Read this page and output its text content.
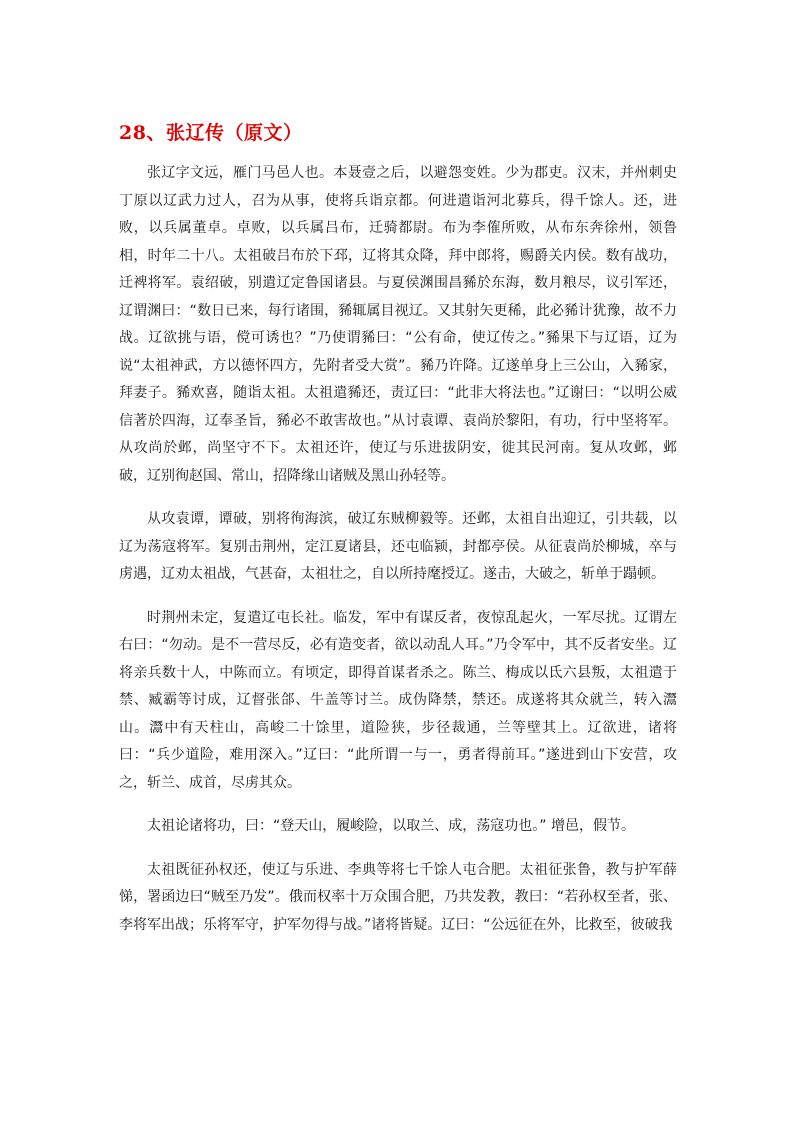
28、张辽传（原文）

张辽字文远，雁门马邑人也。本聂壹之后，以避怨变姓。少为郡吏。汉末，并州刺史丁原以辽武力过人，召为从事，使将兵诣京都。何进遣诣河北募兵，得千馀人。还，进败，以兵属董卓。卓败，以兵属吕布，迁骑都尉。布为李傕所败，从布东奔徐州，领鲁相，时年二十八。太祖破吕布於下邳，辽将其众降，拜中郎将，赐爵关内侯。数有战功，迁裨将军。袁绍破，别遣辽定鲁国诸县。与夏侯渊围昌豨於东海，数月粮尽，议引军还，辽谓渊曰：“数日已来，每行诸围，豨辄属目视辽。又其射矢更稀，此必豨计犹豫，故不力战。辽欲挑与语，傥可诱也？”乃使谓豨曰：“公有命，使辽传之。”豨果下与辽语，辽为说“太祖神武，方以德怀四方，先附者受大赏”。豨乃许降。辽遂单身上三公山，入豨家，拜妻子。豨欢喜，随诣太祖。太祖遣豨还，责辽曰：“此非大将法也。”辽谢曰：“以明公威信著於四海，辽奉圣旨，豨必不敢害故也。”从讨袁谭、袁尚於黎阳，有功，行中坚将军。从攻尚於邺，尚坚守不下。太祖还许，使辽与乐进拔阴安，徙其民河南。复从攻邺，邺破，辽别徇赵国、常山，招降缘山诸贼及黑山孙轻等。

从攻袁谭，谭破，别将徇海滨，破辽东贼柳毅等。还邺，太祖自出迎辽，引共载，以辽为荡寇将军。复别击荆州，定江夏诸县，还屯临颍，封都亭侯。从征袁尚於柳城，卒与虏遇，辽劝太祖战，气甚奋，太祖壮之，自以所持麾授辽。遂击，大破之，斩单于蹋顿。

时荆州未定，复遣辽屯长社。临发，军中有谋反者，夜惊乱起火，一军尽扰。辽谓左右曰：“勿动。是不一营尽反，必有造变者，欲以动乱人耳。”乃令军中，其不反者安坐。辽将亲兵数十人，中陈而立。有顷定，即得首谋者杀之。陈兰、梅成以氐六县叛，太祖遣于禁、臧霸等讨成，辽督张郃、牛盖等讨兰。成伪降禁，禁还。成遂将其众就兰，转入灊山。灊中有天柱山，高峻二十馀里，道险狭，步径裁通，兰等壁其上。辽欲进，诸将曰：“兵少道险，难用深入。”辽曰：“此所谓一与一，勇者得前耳。”遂进到山下安营，攻之，斩兰、成首，尽虏其众。

太祖论诸将功，曰：“登天山，履峻险，以取兰、成，荡寇功也。” 增邑，假节。

太祖既征孙权还，使辽与乐进、李典等将七千馀人屯合肥。太祖征张鲁，教与护军薛悌，署函边曰“贼至乃发”。俄而权率十万众围合肥，乃共发教，教曰：“若孙权至者，张、李将军出战；乐将军守，护军勿得与战。”诸将皆疑。辽曰：“公远征在外，比救至，彼破我
